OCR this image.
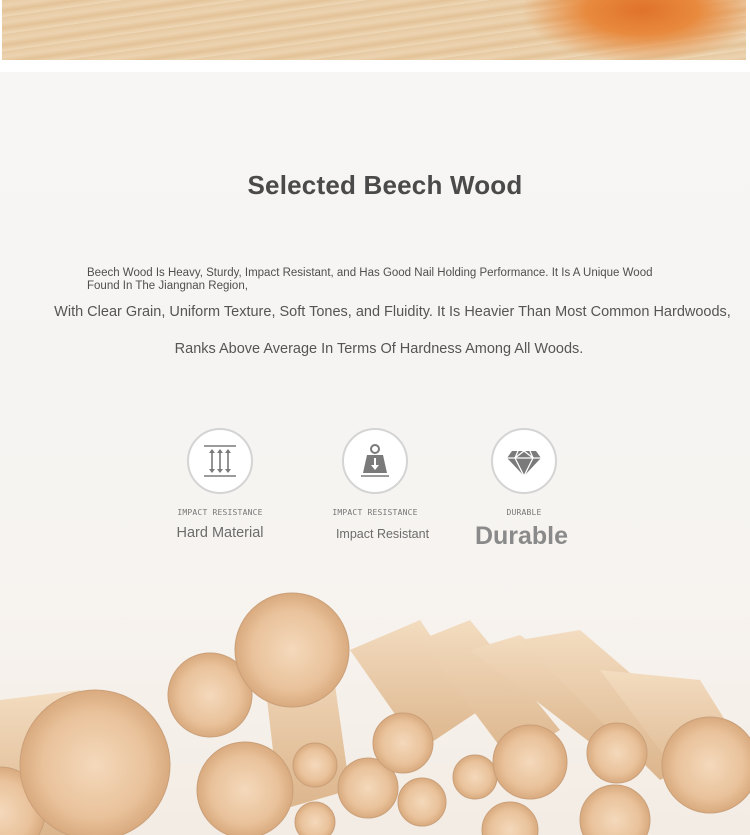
Selected Beech Wood
Beech Wood Is Heavy, Sturdy, Impact Resistant, and Has Good Nail Holding Performance. It Is A Unique Wood Found In The Jiangnan Region,
With Clear Grain, Uniform Texture, Soft Tones, and Fluidity. It Is Heavier Than Most Common Hardwoods,
Ranks Above Average In Terms Of Hardness Among All Woods.
IMPACT RESISTANCE
Hard Material
IMPACT RESISTANCE
Impact Resistant
DURABLE
Durable
